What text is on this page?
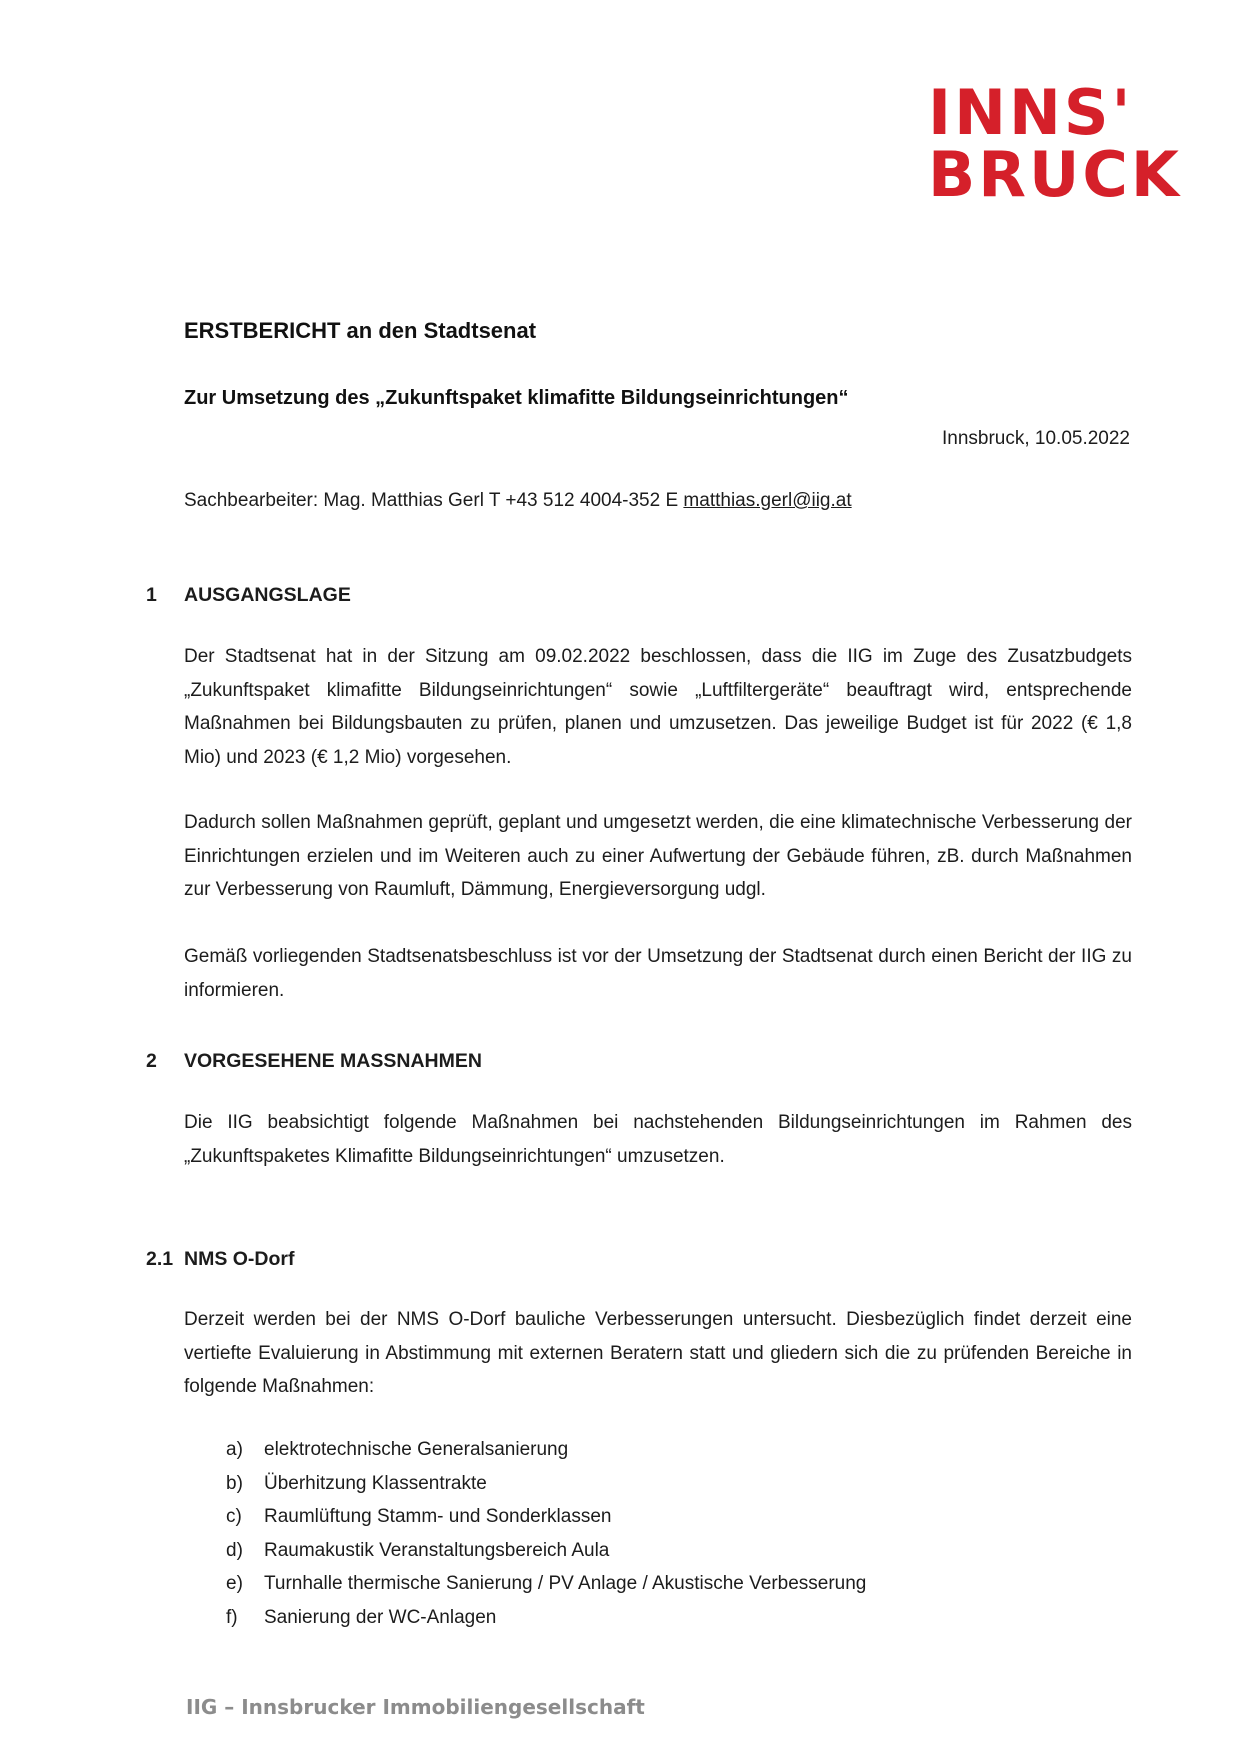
INNS'
BRUCK
ERSTBERICHT an den Stadtsenat
Zur Umsetzung des „Zukunftspaket klimafitte Bildungseinrichtungen“
Innsbruck, 10.05.2022
Sachbearbeiter: Mag. Matthias Gerl T +43 512 4004-352 E matthias.gerl@iig.at
1 AUSGANGSLAGE
Der Stadtsenat hat in der Sitzung am 09.02.2022 beschlossen, dass die IIG im Zuge des Zusatzbudgets „Zukunftspaket klimafitte Bildungseinrichtungen“ sowie „Luftfiltergeräte“ beauftragt wird, entsprechende Maßnahmen bei Bildungsbauten zu prüfen, planen und umzusetzen. Das jeweilige Budget ist für 2022 (€ 1,8 Mio) und 2023 (€ 1,2 Mio) vorgesehen.
Dadurch sollen Maßnahmen geprüft, geplant und umgesetzt werden, die eine klimatechnische Verbesserung der Einrichtungen erzielen und im Weiteren auch zu einer Aufwertung der Gebäude führen, zB. durch Maßnahmen zur Verbesserung von Raumluft, Dämmung, Energieversorgung udgl.
Gemäß vorliegenden Stadtsenatsbeschluss ist vor der Umsetzung der Stadtsenat durch einen Bericht der IIG zu informieren.
2 VORGESEHENE MASSNAHMEN
Die IIG beabsichtigt folgende Maßnahmen bei nachstehenden Bildungseinrichtungen im Rahmen des „Zukunftspaketes Klimafitte Bildungseinrichtungen“ umzusetzen.
2.1 NMS O-Dorf
Derzeit werden bei der NMS O-Dorf bauliche Verbesserungen untersucht. Diesbezüglich findet derzeit eine vertiefte Evaluierung in Abstimmung mit externen Beratern statt und gliedern sich die zu prüfenden Bereiche in folgende Maßnahmen:
a) elektrotechnische Generalsanierung
b) Überhitzung Klassentrakte
c) Raumlüftung Stamm- und Sonderklassen
d) Raumakustik Veranstaltungsbereich Aula
e) Turnhalle thermische Sanierung / PV Anlage / Akustische Verbesserung
f) Sanierung der WC-Anlagen
IIG – Innsbrucker Immobiliengesellschaft
